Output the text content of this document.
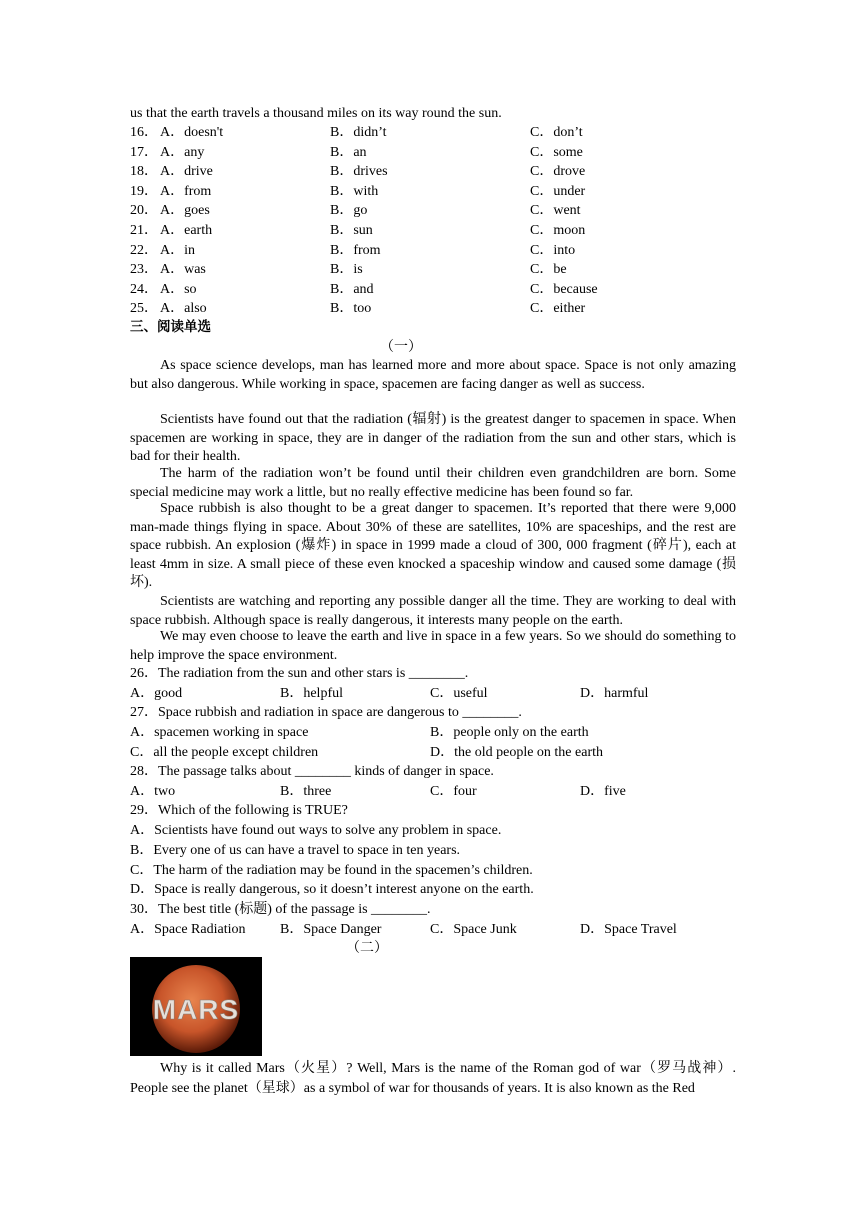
us that the earth travels a thousand miles on its way round the sun.
16． A．doesn't	B．didn’t	C．don’t
17． A．any	B．an	C．some
18． A．drive	B．drives	C．drove
19． A．from	B．with	C．under
20． A．goes	B．go	C．went
21． A．earth	B．sun	C．moon
22． A．in	B．from	C．into
23． A．was	B．is	C．be
24． A．so	B．and	C．because
25． A．also	B．too	C．either
三、阅读单选
（一）
As space science develops, man has learned more and more about space. Space is not only amazing but also dangerous. While working in space, spacemen are facing danger as well as success.
Scientists have found out that the radiation (辐射) is the greatest danger to spacemen in space. When spacemen are working in space, they are in danger of the radiation from the sun and other stars, which is bad for their health.
The harm of the radiation won’t be found until their children even grandchildren are born. Some special medicine may work a little, but no really effective medicine has been found so far.
Space rubbish is also thought to be a great danger to spacemen. It’s reported that there were 9,000 man-made things flying in space. About 30% of these are satellites, 10% are spaceships, and the rest are space rubbish. An explosion (爆炸) in space in 1999 made a cloud of 300, 000 fragment (碎片), each at least 4mm in size. A small piece of these even knocked a spaceship window and caused some damage (损坏).
Scientists are watching and reporting any possible danger all the time. They are working to deal with space rubbish. Although space is really dangerous, it interests many people on the earth.
We may even choose to leave the earth and live in space in a few years. So we should do something to help improve the space environment.
26．The radiation from the sun and other stars is ________.
A．good	B．helpful	C．useful	D．harmful
27．Space rubbish and radiation in space are dangerous to ________.
A．spacemen working in space	B．people only on the earth
C．all the people except children	D．the old people on the earth
28．The passage talks about ________ kinds of danger in space.
A．two	B．three	C．four	D．five
29．Which of the following is TRUE?
A．Scientists have found out ways to solve any problem in space.
B．Every one of us can have a travel to space in ten years.
C．The harm of the radiation may be found in the spacemen’s children.
D．Space is really dangerous, so it doesn’t interest anyone on the earth.
30．The best title (标题) of the passage is ________.
A．Space Radiation B．Space Danger	C．Space Junk	D．Space Travel
（二）
MARS
Why is it called Mars（火星）? Well, Mars is the name of the Roman god of war（罗马战神）. People see the planet（星球）as a symbol of war for thousands of years. It is also known as the Red
